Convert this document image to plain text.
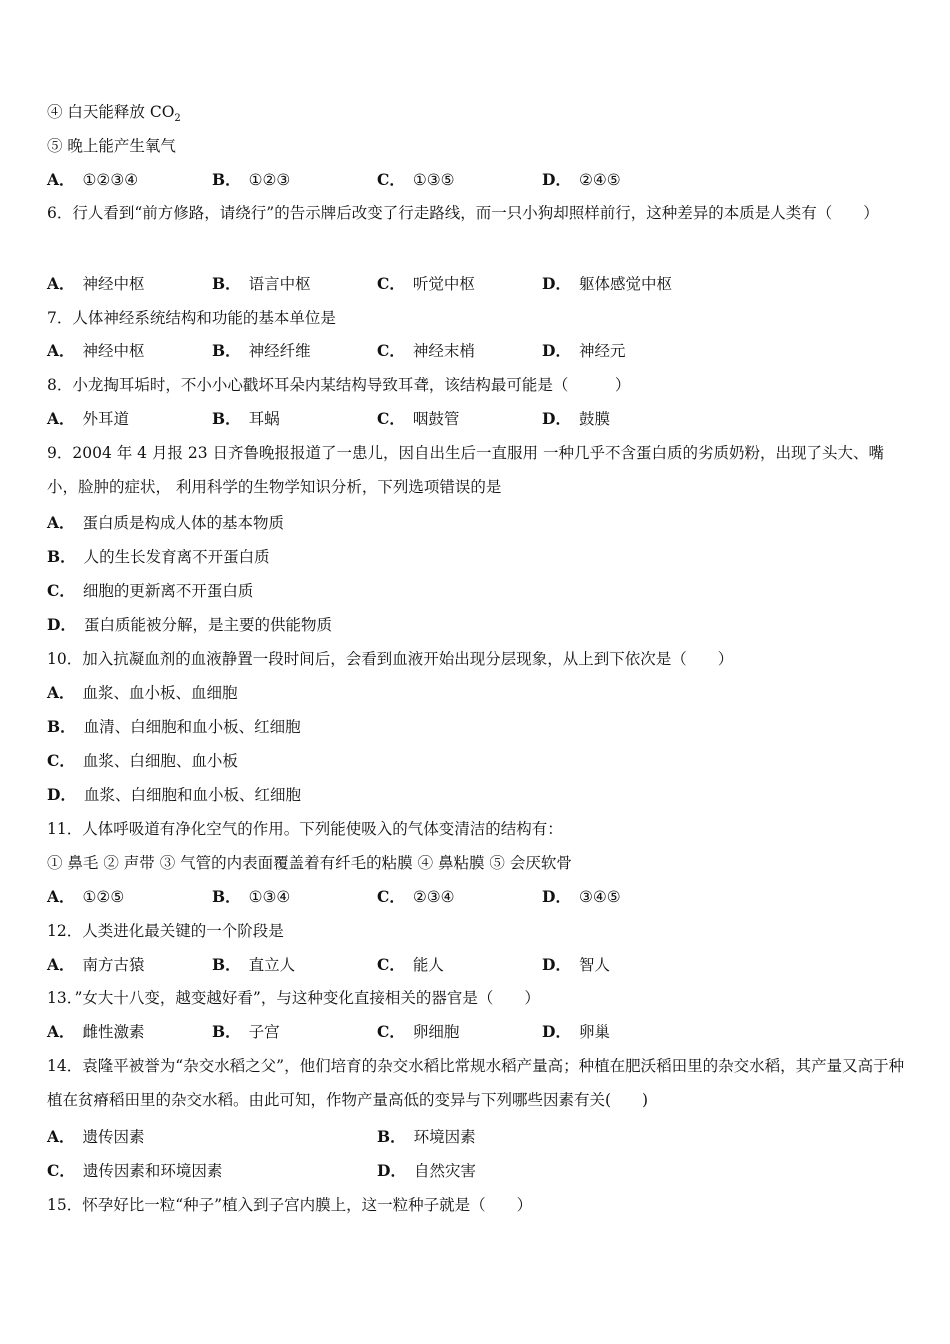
④ 白天能释放 $CO_2$
⑤ 晚上能产生氧气
A． ①②③④	B． ①②③	C． ①③⑤	D． ②④⑤
6．行人看到“前方修路，请绕行”的告示牌后改变了行走路线，而一只小狗却照样前行，这种差异的本质是人类有（　　）
A． 神经中枢	B． 语言中枢	C． 听觉中枢	D． 躯体感觉中枢
7．人体神经系统结构和功能的基本单位是
A． 神经中枢	B． 神经纤维	C． 神经末梢	D． 神经元
8．小龙掏耳垢时，不小小心戳坏耳朵内某结构导致耳聋，该结构最可能是（　　　）
A． 外耳道	B． 耳蜗	C． 咽鼓管	D． 鼓膜
9．2004 年 4 月报 23 日齐鲁晚报报道了一患儿，因自出生后一直服用 一种几乎不含蛋白质的劣质奶粉，出现了头大、嘴小，脸肿的症状， 利用科学的生物学知识分析，下列选项错误的是
A． 蛋白质是构成人体的基本物质
B． 人的生长发育离不开蛋白质
C． 细胞的更新离不开蛋白质
D． 蛋白质能被分解，是主要的供能物质
10．加入抗凝血剂的血液静置一段时间后，会看到血液开始出现分层现象，从上到下依次是（　　）
A． 血浆、血小板、血细胞
B． 血清、白细胞和血小板、红细胞
C． 血浆、白细胞、血小板
D． 血浆、白细胞和血小板、红细胞
11．人体呼吸道有净化空气的作用。下列能使吸入的气体变清洁的结构有：
① 鼻毛 ② 声带 ③ 气管的内表面覆盖着有纤毛的粘膜 ④ 鼻粘膜 ⑤ 会厌软骨
A． ①②⑤	B． ①③④	C． ②③④	D． ③④⑤
12．人类进化最关键的一个阶段是
A． 南方古猿	B． 直立人	C． 能人	D． 智人
13．”女大十八变，越变越好看”，与这种变化直接相关的器官是（　　）
A． 雌性激素	B． 子宫	C． 卵细胞	D． 卵巢
14．袁隆平被誉为“杂交水稻之父”，他们培育的杂交水稻比常规水稻产量高；种植在肥沃稻田里的杂交水稻，其产量又高于种植在贫瘠稻田里的杂交水稻。由此可知，作物产量高低的变异与下列哪些因素有关(　　)
A． 遗传因素	B． 环境因素
C． 遗传因素和环境因素	D． 自然灾害
15．怀孕好比一粒“种子”植入到子宫内膜上，这一粒种子就是（　　）
